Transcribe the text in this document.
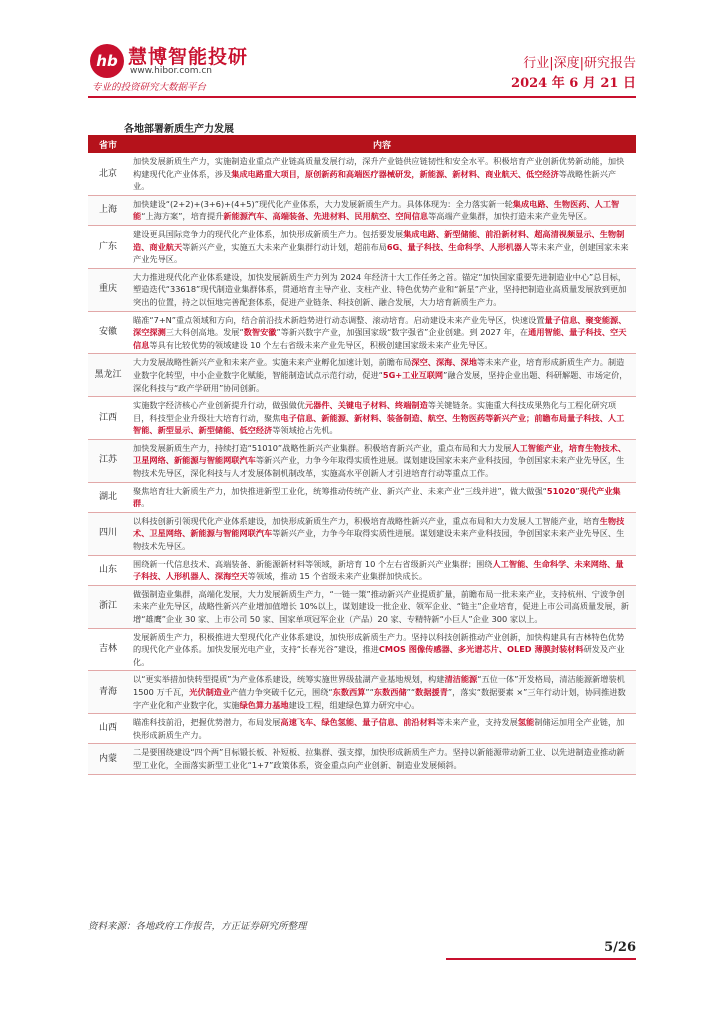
hb 慧博智能投研
www.hibor.com.cn
专业的投资研究大数据平台
行业|深度|研究报告
2024 年 6 月 21 日
各地部署新质生产力发展
省市	内容
北京	加快发展新质生产力，实施制造业重点产业链高质量发展行动，深升产业链供应链韧性和安全水平。积极培育产业创新优势新动能，加快构建现代化产业体系，涉及集成电路重大项目，原创新药和高端医疗器械研发，新能源、新材料、商业航天、低空经济等战略性新兴产业。
上海	加快建设“(2+2)+(3+6)+(4+5)”现代化产业体系，大力发展新质生产力。具体体现为：全力落实新一轮集成电路、生物医药、人工智能“上海方案”，培育提升新能源汽车、高端装备、先进材料、民用航空、空间信息等高端产业集群，加快打造未来产业先导区。
广东	建设更具国际竞争力的现代化产业体系，加快形成新质生产力。包括要发展集成电路、新型储能、前沿新材料、超高清视频显示、生物制造、商业航天等新兴产业，实施五大未来产业集群行动计划，超前布局6G、量子科技、生命科学、人形机器人等未来产业，创建国家未来产业先导区。
重庆	大力推进现代化产业体系建设，加快发展新质生产力列为 2024 年经济十大工作任务之首。锚定“加快国家重要先进制造业中心”总目标，塑造迭代“33618”现代制造业集群体系，贯通培育主导产业、支柱产业、特色优势产业和“新星”产业，坚持把制造业高质量发展放到更加突出的位置，持之以恒地完善配套体系，促进产业链条、科技创新、融合发展，大力培育新质生产力。
安徽	瞄准“7+N”重点领域和方向，结合前沿技术新趋势进行动态调整、滚动培育。启动建设未来产业先导区，快速设置量子信息、聚变能源、深空探测三大科创高地。发展“数智安徽”等新兴数字产业，加强国家级“数字强省”企业创建。到 2027 年，在通用智能、量子科技、空天信息等具有比较优势的领域建设 10 个左右省级未来产业先导区，积极创建国家级未来产业先导区。
黑龙江	大力发展战略性新兴产业和未来产业。实施未来产业孵化加速计划，前瞻布局深空、深海、深地等未来产业，培育形成新质生产力。制造业数字化转型，中小企业数字化赋能，智能制造试点示范行动，促进“5G+工业互联网”融合发展，坚持企业出题、科研解题、市场定价，深化科技与“政产学研用”协同创新。
江西	实施数字经济核心产业创新提升行动，做强做优元器件、关键电子材料、终端制造等关键链条。实施重大科技成果熟化与工程化研究项目，科技型企业升级壮大培育行动，聚焦电子信息、新能源、新材料、装备制造、航空、生物医药等新兴产业；前瞻布局量子科技、人工智能、新型显示、新型储能、低空经济等领域抢占先机。
江苏	加快发展新质生产力，持续打造“51010”战略性新兴产业集群。积极培育新兴产业，重点布局和大力发展人工智能产业，培育生物技术、卫星网络、新能源与智能网联汽车等新兴产业，力争今年取得实质性进展。谋划建设国家未来产业科技园，争创国家未来产业先导区，生物技术先导区，深化科技与人才发展体制机制改革，实施高水平创新人才引进培育行动等重点工作。
湖北	聚焦培育壮大新质生产力，加快推进新型工业化，统筹推动传统产业、新兴产业、未来产业“三线并进”，做大做强“51020”现代产业集群。
四川	以科技创新引领现代化产业体系建设，加快形成新质生产力，积极培育战略性新兴产业，重点布局和大力发展人工智能产业，培育生物技术、卫星网络、新能源与智能网联汽车等新兴产业，力争今年取得实质性进展。谋划建设未来产业科技园，争创国家未来产业先导区、生物技术先导区。
山东	围绕新一代信息技术、高端装备、新能源新材料等领域，新培育 10 个左右省级新兴产业集群；围绕人工智能、生命科学、未来网络、量子科技、人形机器人、深海空天等领域，推动 15 个省级未来产业集群加快成长。
浙江	做强制造业集群，高端化发展，大力发展新质生产力，“一链一策”推动新兴产业提质扩量，前瞻布局一批未来产业，支持杭州、宁波争创未来产业先导区，战略性新兴产业增加值增长 10%以上，谋划建设一批企业、领军企业、“链主”企业培育，促进上市公司高质量发展，新增“雄鹰”企业 30 家、上市公司 50 家、国家单项冠军企业（产品）20 家、专精特新“小巨人”企业 300 家以上。
吉林	发展新质生产力，积极推进大型现代化产业体系建设，加快形成新质生产力。坚持以科技创新推动产业创新，加快构建具有吉林特色优势的现代化产业体系。加快发展光电产业，支持“长春光谷”建设，推进CMOS 图像传感器、多光谱芯片、OLED 薄膜封装材料研发及产业化。
青海	以“更实举措加快转型提质”为产业体系建设，统筹实施世界级盐湖产业基地规划，构建清洁能源“五位一体”开发格局，清洁能源新增装机 1500 万千瓦，光伏制造业产值力争突破千亿元，围绕“东数西算”“东数西储”“数据援青”，落实“数据要素 ×”三年行动计划，协同推进数字产业化和产业数字化，实施绿色算力基地建设工程，组建绿色算力研究中心。
山西	瞄准科技前沿，把握优势潜力，布局发展高速飞车、绿色氢能、量子信息、前沿材料等未来产业，支持发展氢能制储运加用全产业链，加快形成新质生产力。
内蒙	二是要围绕建设“四个两”目标锻长板、补短板、拉集群、强支撑，加快形成新质生产力。坚持以新能源带动新工业、以先进制造业推动新型工业化，全面落实新型工业化“1+7”政策体系，资金重点向产业创新、制造业发展倾斜。
资料来源：各地政府工作报告，方正证券研究所整理
5/26
